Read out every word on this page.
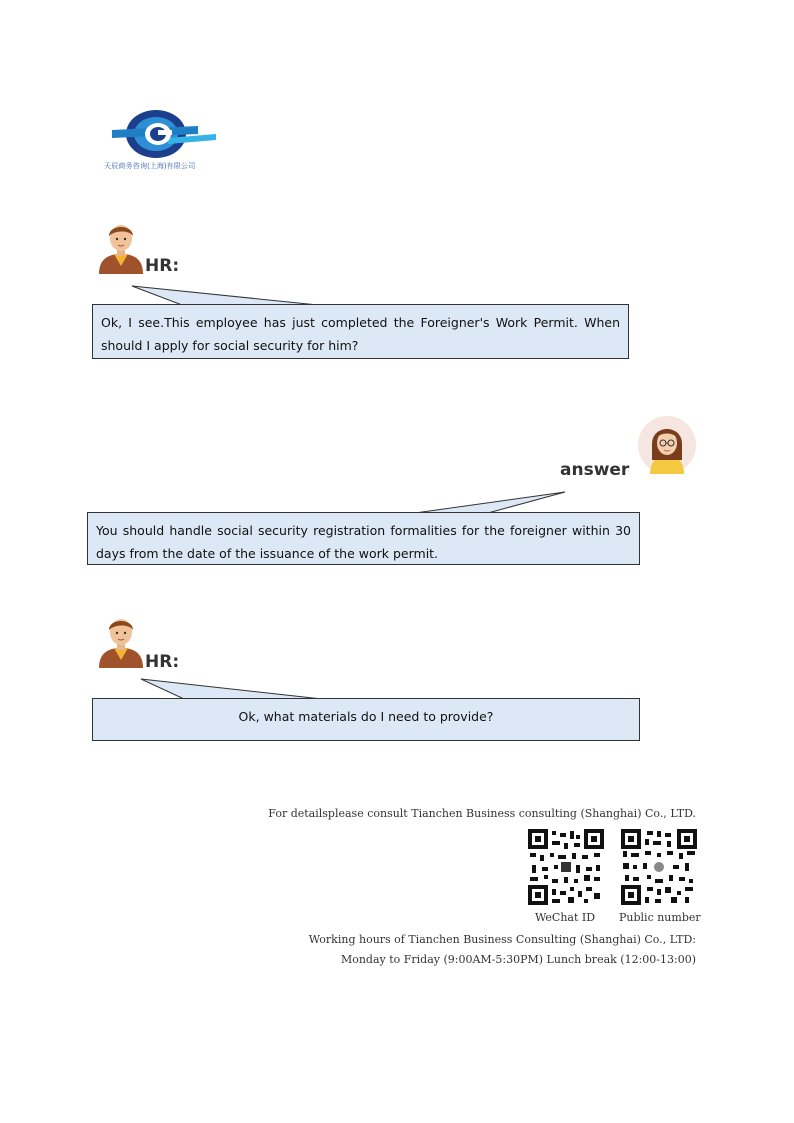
天辰商务咨询(上海)有限公司
HR:
Ok, I see.This employee has just completed the Foreigner's Work Permit. When should I apply for social security for him?
answer
You should handle social security registration formalities for the foreigner within 30 days from the date of the issuance of the work permit.
HR:
Ok, what materials do I need to provide?
For detailsplease consult Tianchen Business consulting (Shanghai) Co., LTD.
WeChat ID Public number
Working hours of Tianchen Business Consulting (Shanghai) Co., LTD:
Monday to Friday (9:00AM-5:30PM) Lunch break (12:00-13:00)
